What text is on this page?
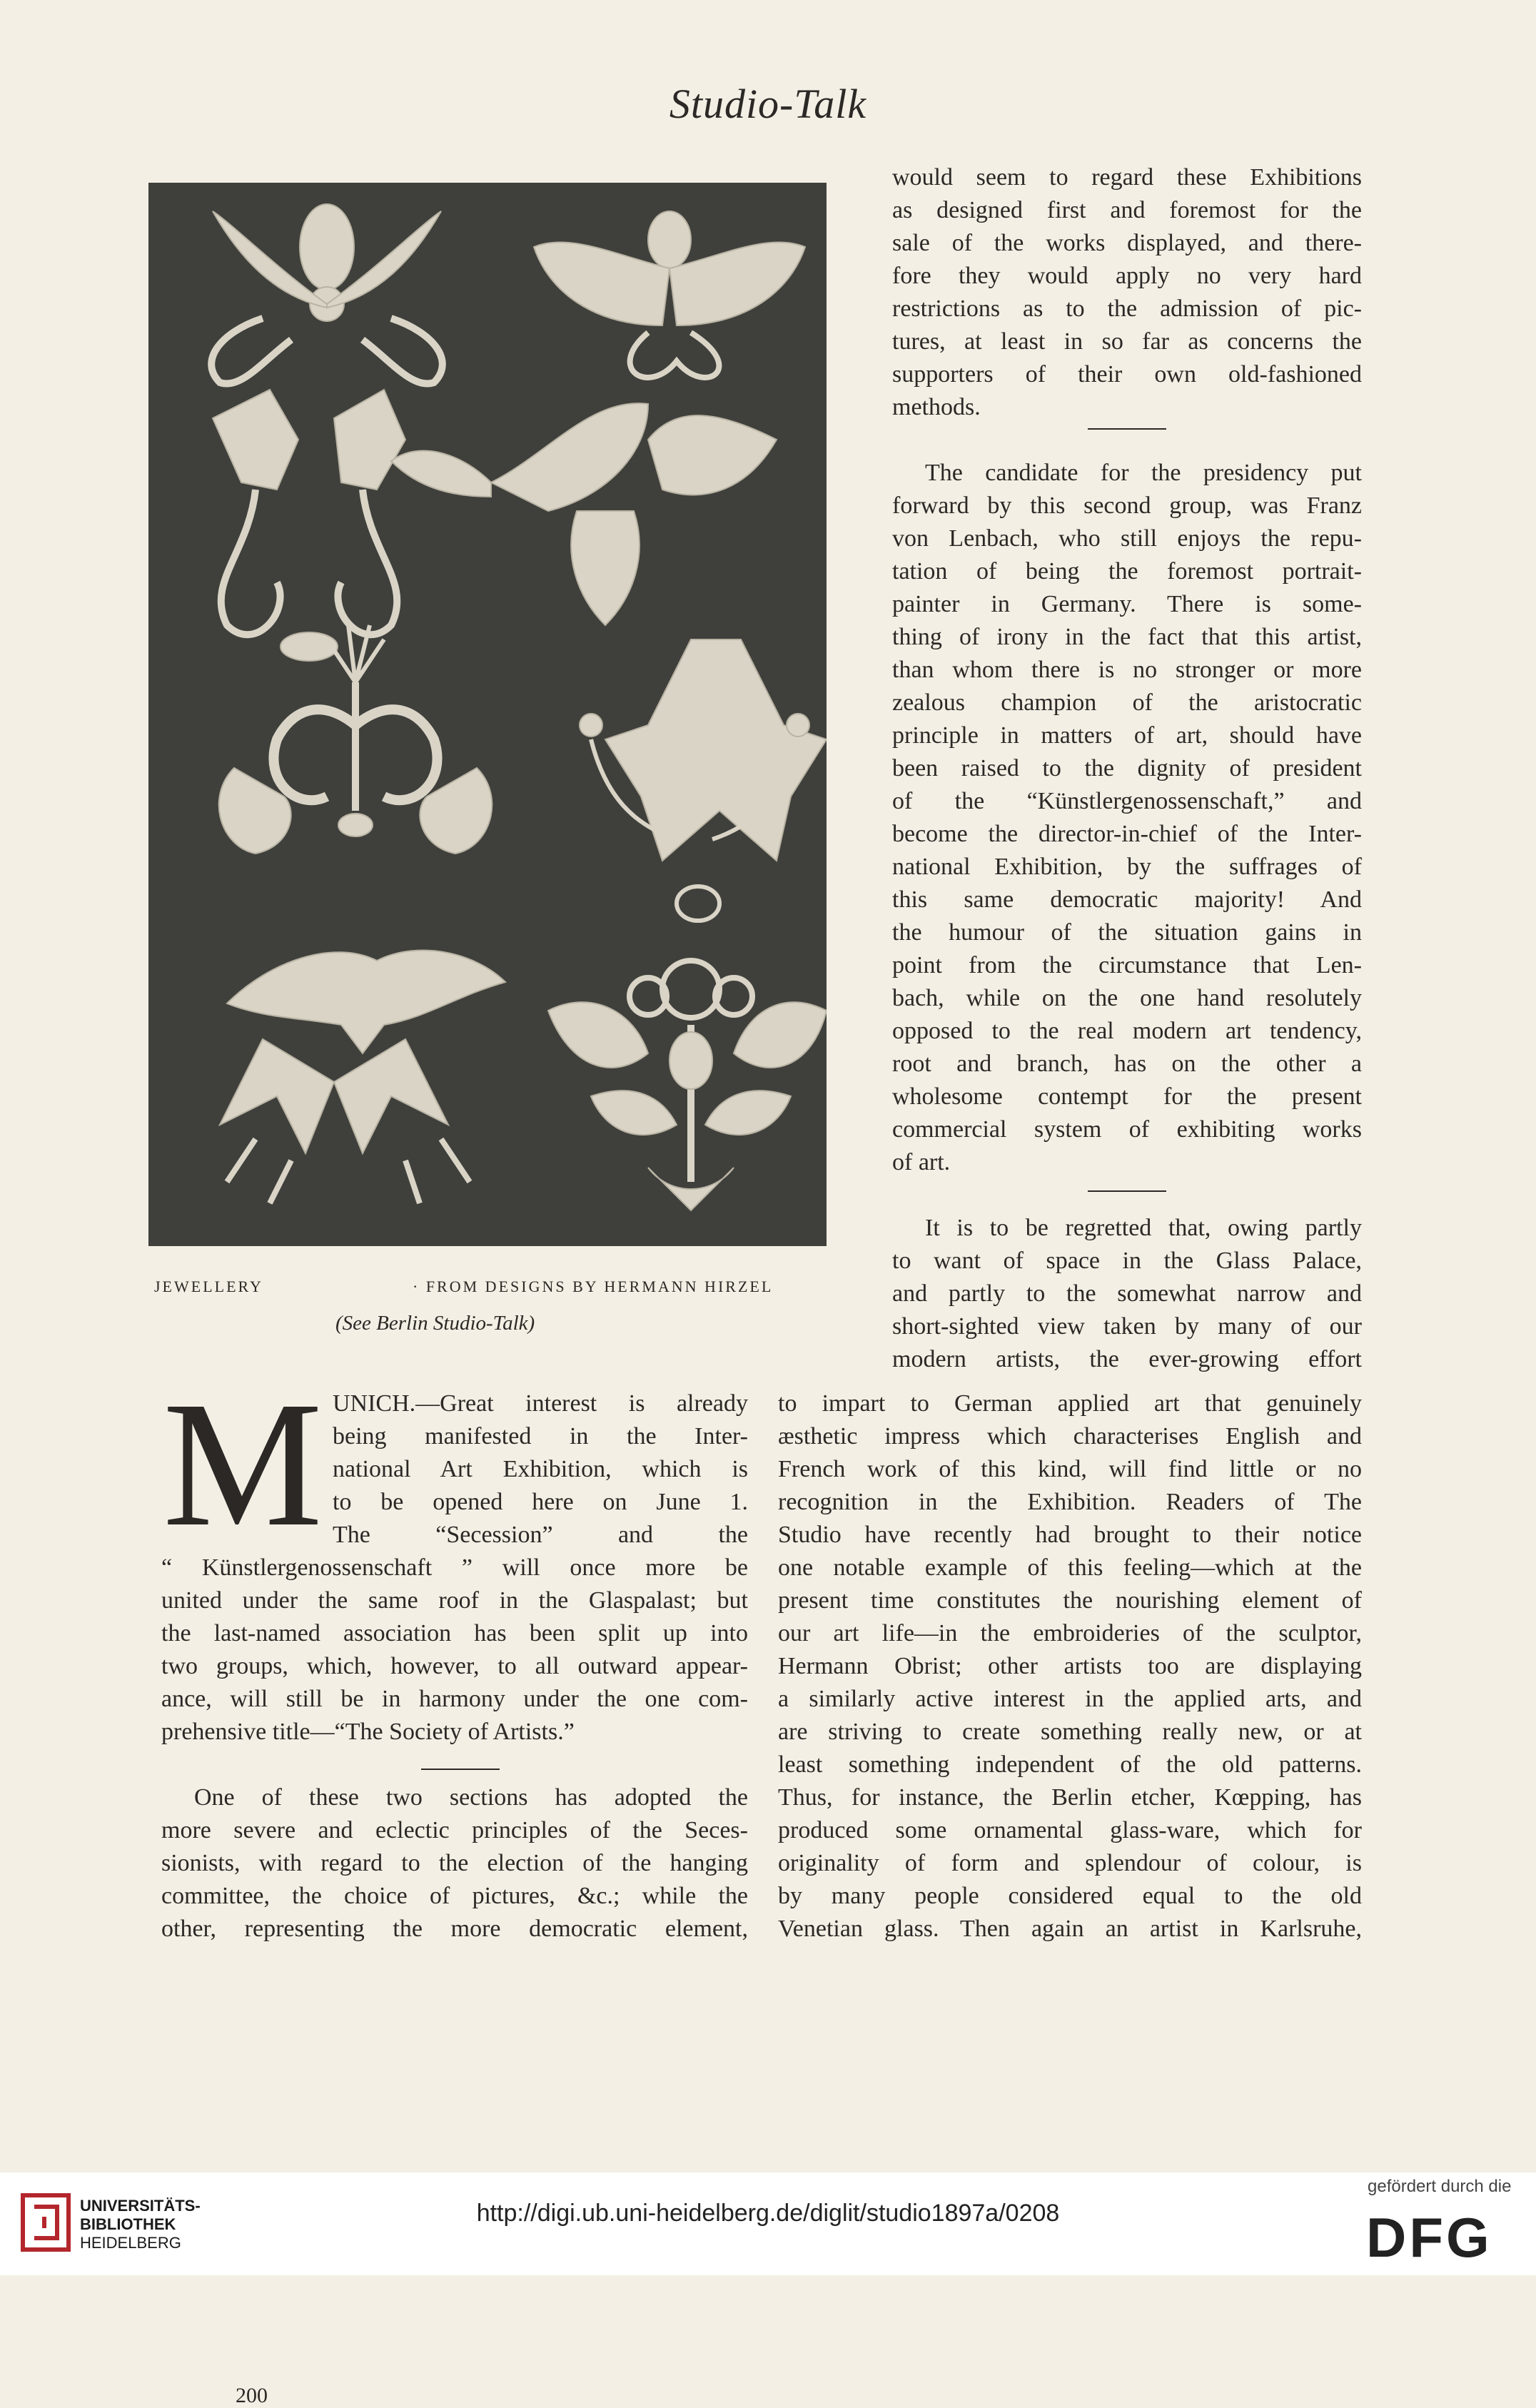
Studio-Talk
JEWELLERY	· FROM DESIGNS BY HERMANN HIRZEL
(See Berlin Studio-Talk)
would seem to regard these Exhibitions
as designed first and foremost for the
sale of the works displayed, and there-
fore they would apply no very hard
restrictions as to the admission of pic-
tures, at least in so far as concerns the
supporters of their own old-fashioned
methods.
The candidate for the presidency put
forward by this second group, was Franz
von Lenbach, who still enjoys the repu-
tation of being the foremost portrait-
painter in Germany. There is some-
thing of irony in the fact that this artist,
than whom there is no stronger or more
zealous champion of the aristocratic
principle in matters of art, should have
been raised to the dignity of president
of the “Künstlergenossenschaft,” and
become the director-in-chief of the Inter-
national Exhibition, by the suffrages of
this same democratic majority! And
the humour of the situation gains in
point from the circumstance that Len-
bach, while on the one hand resolutely
opposed to the real modern art tendency,
root and branch, has on the other a
wholesome contempt for the present
commercial system of exhibiting works
of art.
It is to be regretted that, owing partly
to want of space in the Glass Palace,
and partly to the somewhat narrow and
short-sighted view taken by many of our
modern artists, the ever-growing effort
M UNICH.—Great interest is already
being manifested in the Inter-
national Art Exhibition, which is
to be opened here on June 1.
The “Secession” and the
“ Künstlergenossenschaft ” will once more be
united under the same roof in the Glaspalast; but
the last-named association has been split up into
two groups, which, however, to all outward appear-
ance, will still be in harmony under the one com-
prehensive title—“The Society of Artists.”
One of these two sections has adopted the
more severe and eclectic principles of the Seces-
sionists, with regard to the election of the hanging
committee, the choice of pictures, &c.; while the
other, representing the more democratic element,
200
to impart to German applied art that genuinely
æsthetic impress which characterises English and
French work of this kind, will find little or no
recognition in the Exhibition. Readers of The
Studio have recently had brought to their notice
one notable example of this feeling—which at the
present time constitutes the nourishing element of
our art life—in the embroideries of the sculptor,
Hermann Obrist; other artists too are displaying
a similarly active interest in the applied arts, and
are striving to create something really new, or at
least something independent of the old patterns.
Thus, for instance, the Berlin etcher, Kœpping, has
produced some ornamental glass-ware, which for
originality of form and splendour of colour, is
by many people considered equal to the old
Venetian glass. Then again an artist in Karlsruhe,
UNIVERSITÄTS-
BIBLIOTHEK
HEIDELBERG
http://digi.ub.uni-heidelberg.de/diglit/studio1897a/0208
gefördert durch die
DFG
